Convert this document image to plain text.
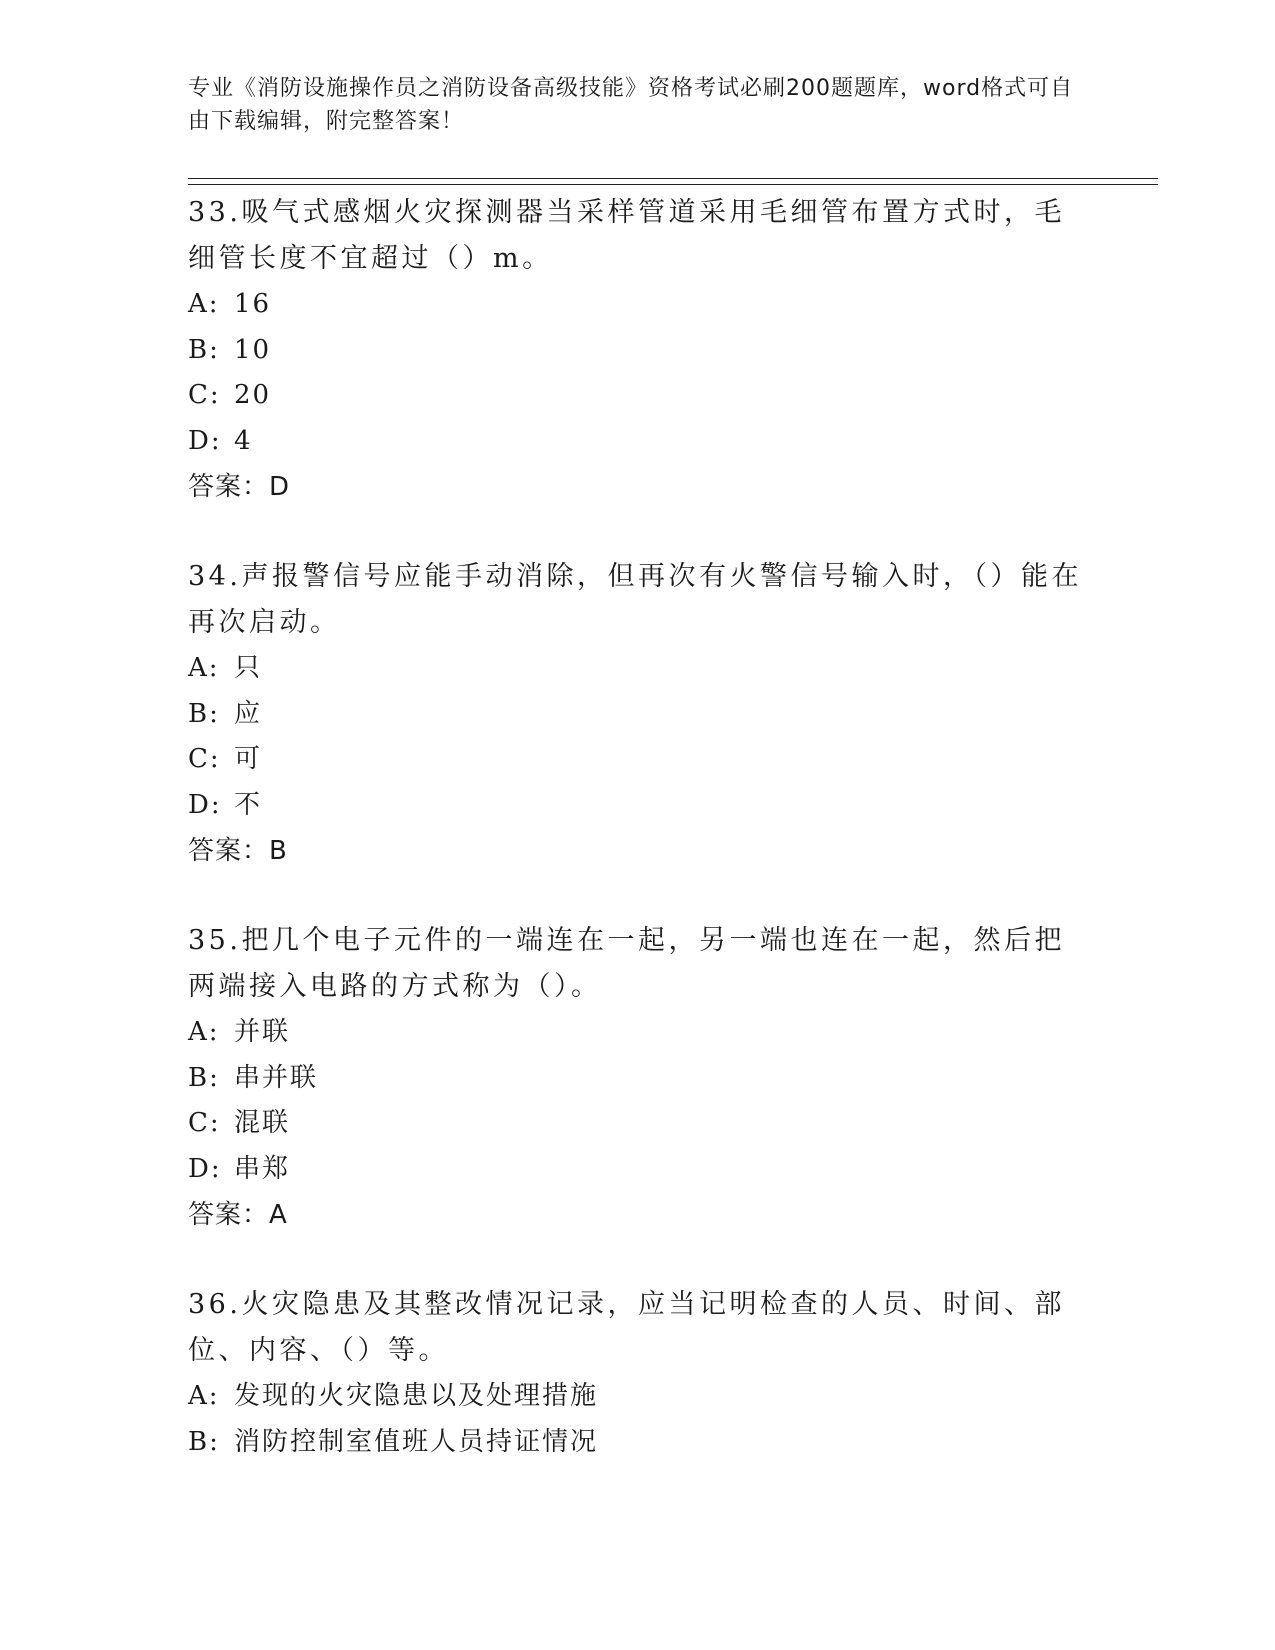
专业《消防设施操作员之消防设备高级技能》资格考试必刷200题题库，word格式可自由下载编辑，附完整答案！

33.吸气式感烟火灾探测器当采样管道采用毛细管布置方式时，毛细管长度不宜超过（）m。

A: 16

B: 10

C: 20

D: 4

答案：D

34.声报警信号应能手动消除，但再次有火警信号输入时，（）能在再次启动。

A: 只

B: 应

C: 可

D: 不

答案：B

35.把几个电子元件的一端连在一起，另一端也连在一起，然后把两端接入电路的方式称为（）。

A: 并联

B: 串并联

C: 混联

D: 串郑

答案：A

36.火灾隐患及其整改情况记录，应当记明检查的人员、时间、部位、内容、（）等。

A: 发现的火灾隐患以及处理措施

B: 消防控制室值班人员持证情况
